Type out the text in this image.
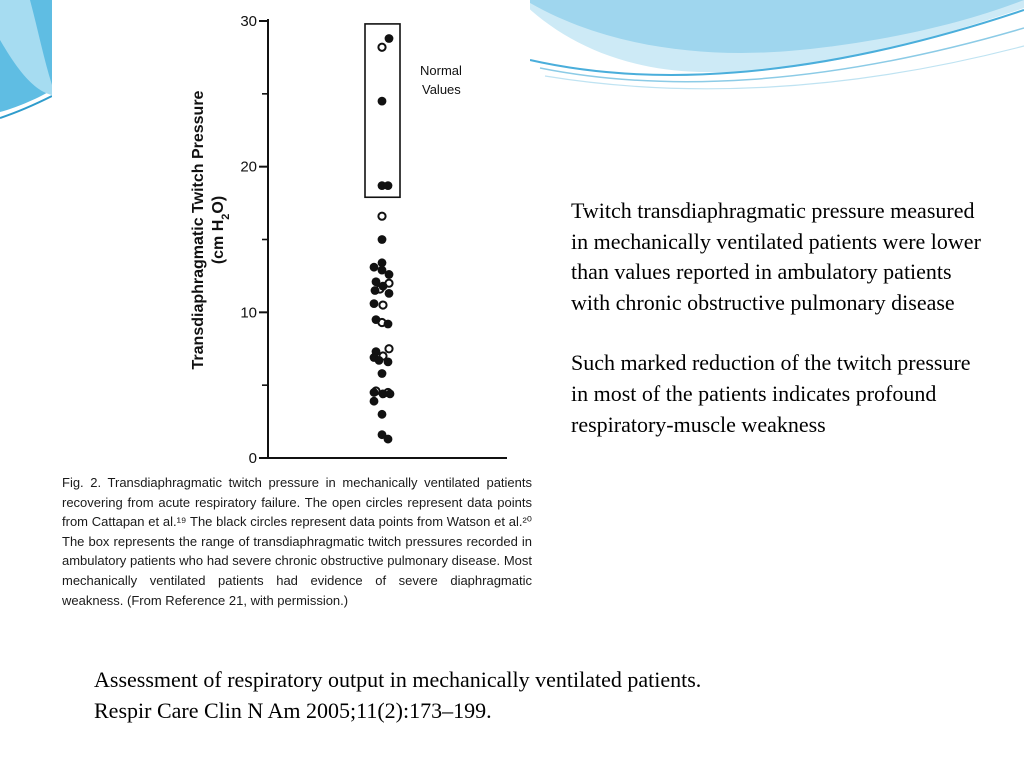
0
10
20
30
Normal
Values
Transdiaphragmatic Twitch Pressure (cm $H_2O$)
Fig. 2. Transdiaphragmatic twitch pressure in mechanically ventilated patients recovering from acute respiratory failure. The open circles represent data points from Cattapan et al.¹⁹ The black circles represent data points from Watson et al.²⁰ The box represents the range of transdiaphragmatic twitch pressures recorded in ambulatory patients who had severe chronic obstructive pulmonary disease. Most mechanically ventilated patients had evidence of severe diaphragmatic weakness. (From Reference 21, with permission.)

Twitch transdiaphragmatic pressure measured in mechanically ventilated patients were lower than values reported in ambulatory patients with chronic obstructive pulmonary disease

Such marked reduction of the twitch pressure in most of the patients indicates profound respiratory-muscle weakness

Assessment of respiratory output in mechanically ventilated patients.
Respir Care Clin N Am 2005;11(2):173–199.
